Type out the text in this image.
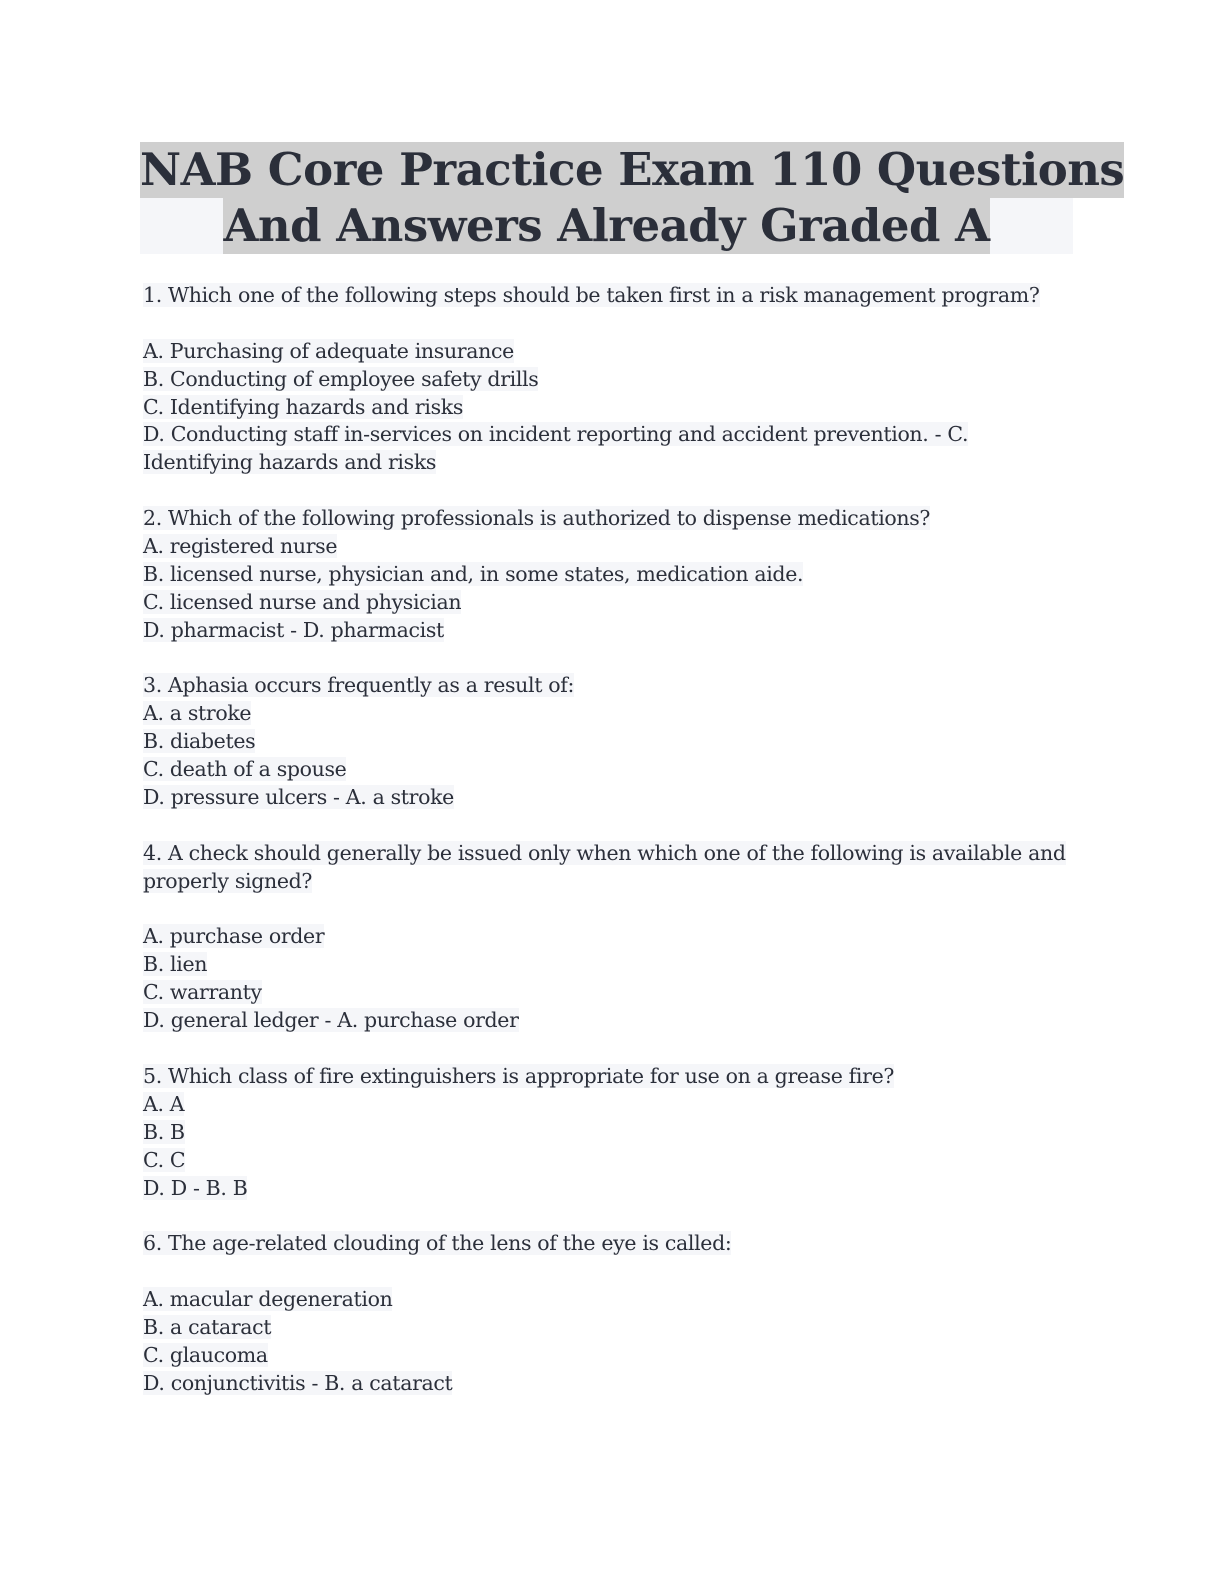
NAB Core Practice Exam 110 Questions
And Answers Already Graded A
1. Which one of the following steps should be taken first in a risk management program?
A. Purchasing of adequate insurance
B. Conducting of employee safety drills
C. Identifying hazards and risks
D. Conducting staff in-services on incident reporting and accident prevention. - C.
Identifying hazards and risks
2. Which of the following professionals is authorized to dispense medications?
A. registered nurse
B. licensed nurse, physician and, in some states, medication aide.
C. licensed nurse and physician
D. pharmacist - D. pharmacist
3. Aphasia occurs frequently as a result of:
A. a stroke
B. diabetes
C. death of a spouse
D. pressure ulcers - A. a stroke
4. A check should generally be issued only when which one of the following is available and
properly signed?
A. purchase order
B. lien
C. warranty
D. general ledger - A. purchase order
5. Which class of fire extinguishers is appropriate for use on a grease fire?
A. A
B. B
C. C
D. D - B. B
6. The age-related clouding of the lens of the eye is called:
A. macular degeneration
B. a cataract
C. glaucoma
D. conjunctivitis - B. a cataract
